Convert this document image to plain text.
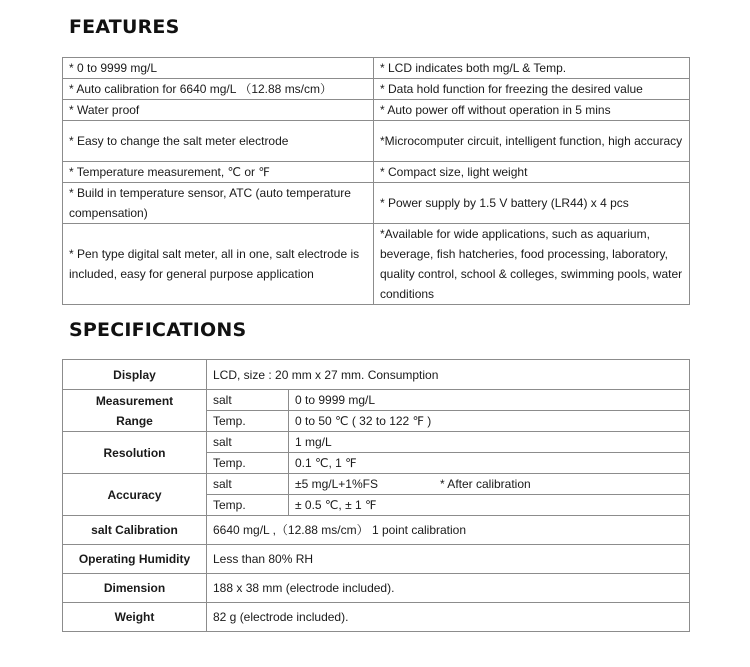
FEATURES
* 0 to 9999 mg/L	* LCD indicates both mg/L & Temp.
* Auto calibration for 6640 mg/L （12.88 ms/cm）	* Data hold function for freezing the desired value
* Water proof	* Auto power off without operation in 5 mins
* Easy to change the salt meter electrode	*Microcomputer circuit, intelligent function, high accuracy
* Temperature measurement, ℃ or ℉	* Compact size, light weight
* Build in temperature sensor, ATC (auto temperature compensation)	* Power supply by 1.5 V battery (LR44) x 4 pcs
* Pen type digital salt meter, all in one, salt electrode is included, easy for general purpose application	*Available for wide applications, such as aquarium, beverage, fish hatcheries, food processing, laboratory, quality control, school & colleges, swimming pools, water conditions
SPECIFICATIONS
Display	LCD, size : 20 mm x 27 mm. Consumption	

Measurement
Range	salt	0 to 9999 mg/L
	Temp.	0 to 50 ℃ ( 32 to 122 ℉ )
Resolution	salt	1 mg/L
	Temp.	0.1 ℃, 1 ℉
Accuracy	salt	±5 mg/L+1%FS * After calibration
	Temp.	± 0.5 ℃, ± 1 ℉
salt Calibration	6640 mg/L ,（12.88 ms/cm） 1 point calibration	
Operating Humidity	Less than 80% RH	
Dimension	188 x 38 mm (electrode included).	
Weight	82 g (electrode included).	
